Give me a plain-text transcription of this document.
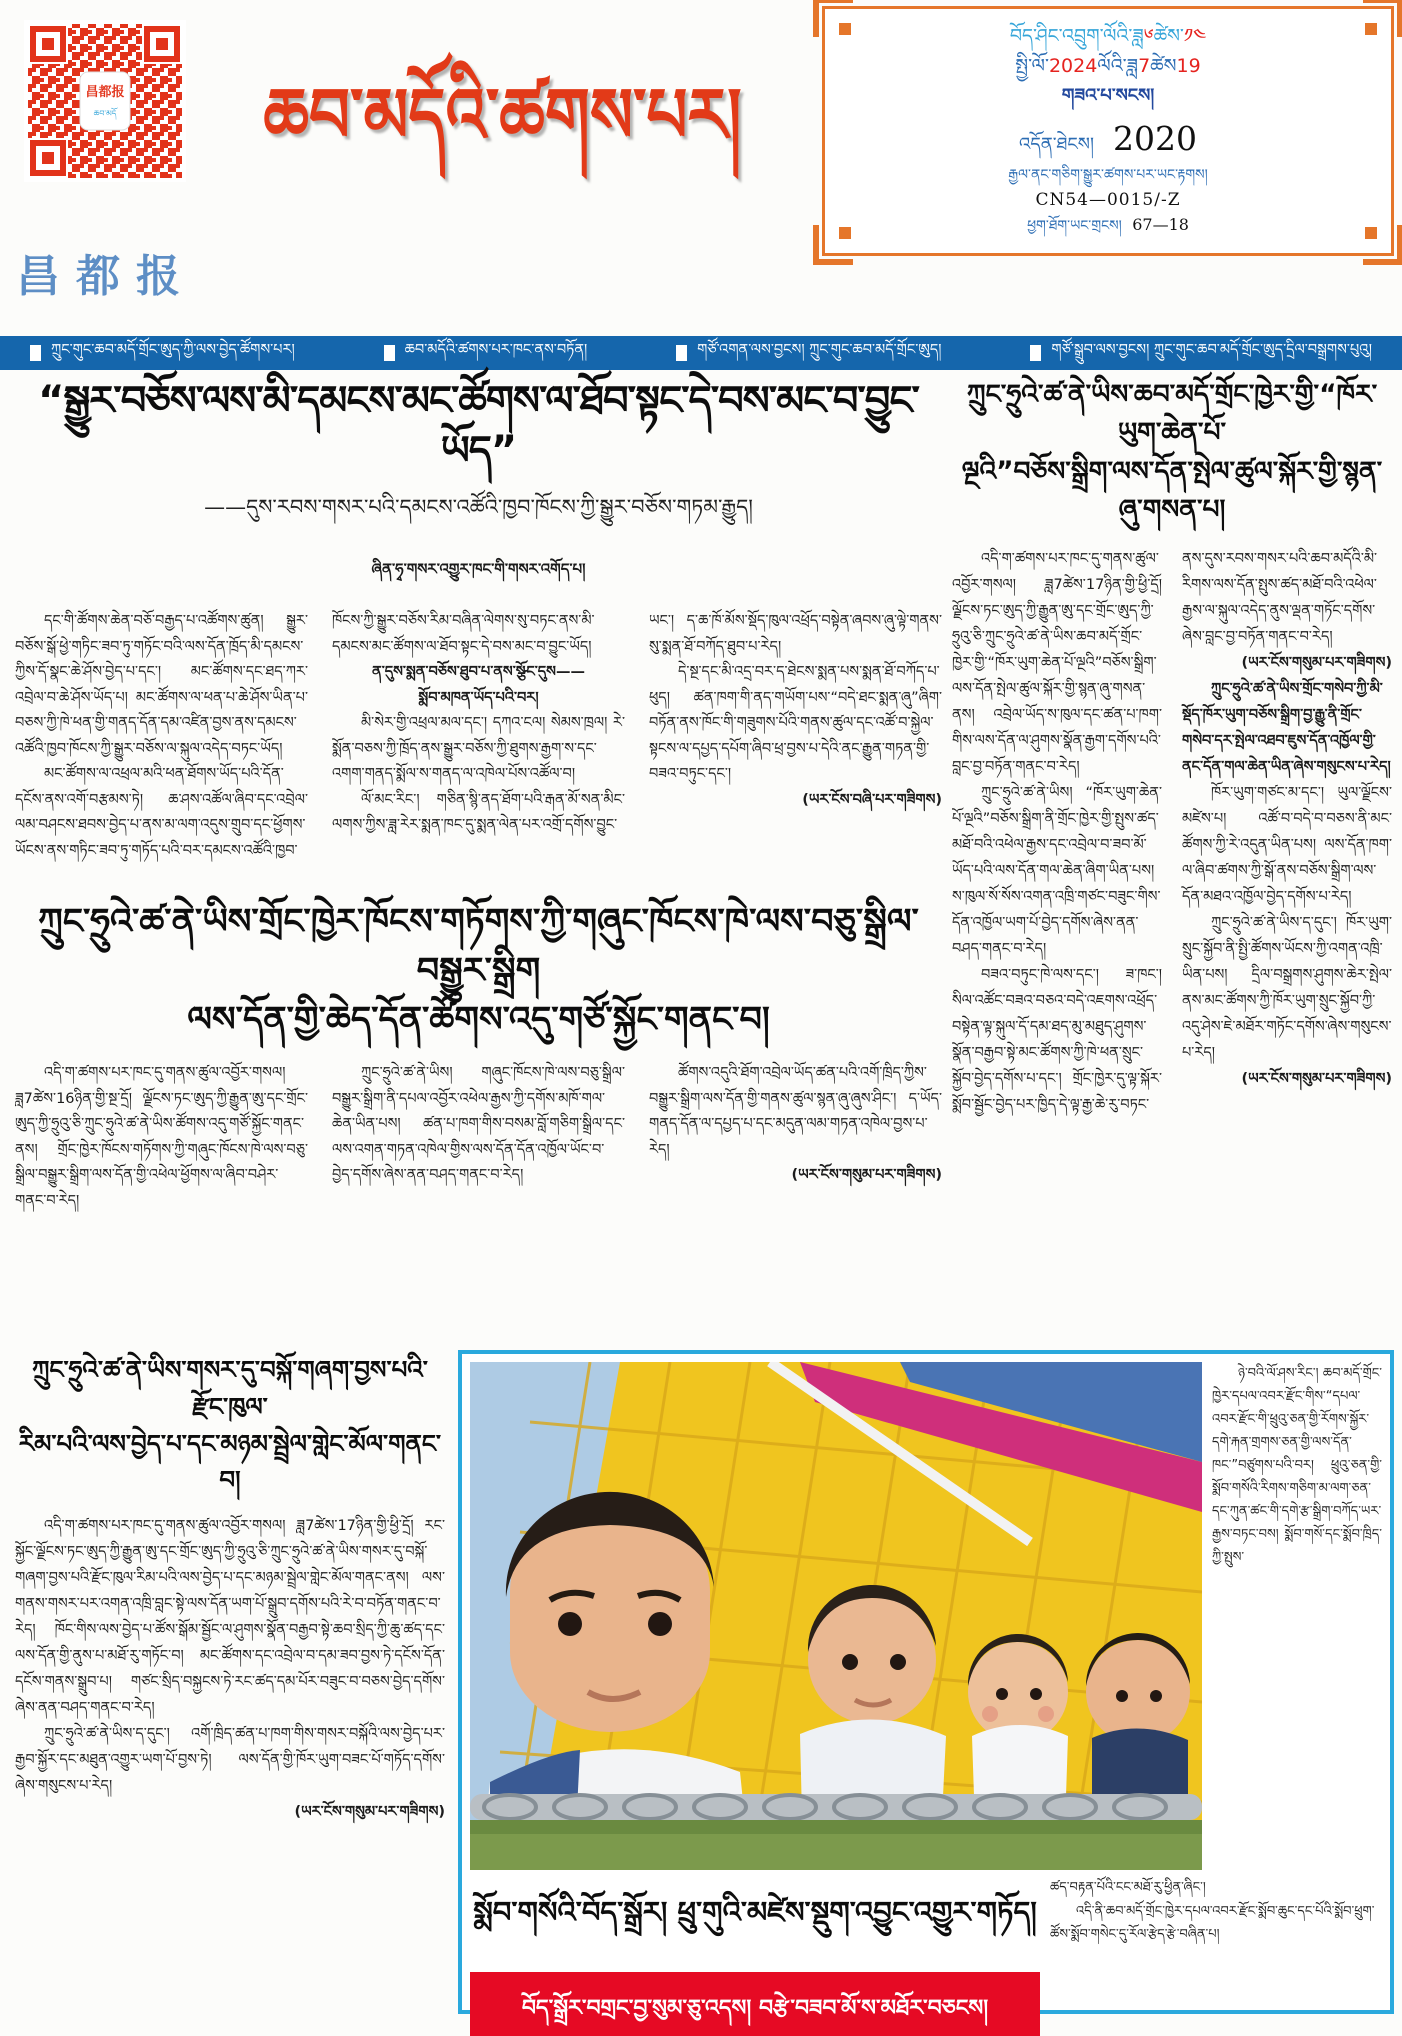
昌都报
ཆབ་མདོ	ཆབ་མདོའི་ཚགས་པར།
昌都报
བོད་ཤིང་འབྲུག་ལོའི་ཟླ༦ཚེས་༡༤
སྤྱི་ལོ་2024ལོའི་ཟླ7ཚེས19
གཟའ་པ་སངས།
འདོན་ཐེངས། 2020
རྒྱལ་ནང་གཅིག་སྒྱུར་ཚགས་པར་ཡང་རྟགས།
CN54—0015/-Z
ཕྱག་ཐོག་ཡང་གྲངས། 67—18
ཀྲུང་གུང་ཆབ་མདོ་གྲོང་ཨུད་ཀྱི་ལས་བྱེད་ཚོགས་པར།	ཆབ་མདོའི་ཚགས་པར་ཁང་ནས་བཏོན།	གཙོ་འགན་ལས་བྱངས། ཀྲུང་གུང་ཆབ་མདོ་གྲོང་ཨུད།	གཙོ་སྒྲུབ་ལས་བྱངས། ཀྲུང་གུང་ཆབ་མདོ་གྲོང་ཨུད་དྲིལ་བསྒྲགས་པུའུ།
“སྒྱུར་བཅོས་ལས་མི་དམངས་མང་ཚོགས་ལ་ཐོབ་སྟང་དེ་བས་མང་བ་བྱུང་ཡོད”
——དུས་རབས་གསར་པའི་དམངས་འཚོའི་ཁྱབ་ཁོངས་ཀྱི་སྒྱུར་བཅོས་གཏམ་རྒྱུད།
ཞིན་ཧྭ་གསར་འགྱུར་ཁང་གི་གསར་འགོད་པ།

དང་གི་ཚོགས་ཆེན་བཅོ་བརྒྱད་པ་འཚོགས་ཚུན། སྒྱུར་བཅོས་སྒོ་ཕྱེ་གཏིང་ཟབ་ཏུ་གཏོང་བའི་ལས་དོན་ཁྲོད་མི་དམངས་ཀྱིས་དོ་སྣང་ཆེ་ཤོས་བྱེད་པ་དང་། མང་ཚོགས་དང་ཐད་ཀར་འབྲེལ་བ་ཆེ་ཤོས་ཡོད་པ། མང་ཚོགས་ལ་ཕན་པ་ཆེ་ཤོས་ཡིན་པ་བཅས་ཀྱི་ཁེ་ཕན་གྱི་གནད་དོན་དམ་འཛིན་བྱས་ནས་དམངས་འཚོའི་ཁྱབ་ཁོངས་ཀྱི་སྒྱུར་བཅོས་ལ་སྐུལ་འདེད་བཏང་ཡོད།

མང་ཚོགས་ལ་འཕྲལ་མའི་ཕན་ཐོགས་ཡོད་པའི་དོན་དངོས་ནས་འགོ་བརྩམས་ཏེ། ཆ་ཤས་འཚོལ་ཞིབ་དང་འབྲེལ་ལམ་བཤངས་ཐབས་བྱེད་པ་ནས་མ་ལག་འདུས་གྲུབ་དང་ཕྱོགས་ཡོངས་ནས་གཏིང་ཟབ་ཏུ་གཏོད་པའི་བར་དམངས་འཚོའི་ཁྱབ་ཁོངས་ཀྱི་སྒྱུར་བཅོས་རིམ་བཞིན་ལེགས་སུ་བཏང་ནས་མི་དམངས་མང་ཚོགས་ལ་ཐོབ་སྟང་དེ་བས་མང་བ་བྱུང་ཡོད།

ན་དུས་སྨན་བཅོས་ཐུབ་པ་ནས་སྩོང་དུས——

སྨོབ་མཁན་ཡོད་པའི་བར།

མི་སེར་གྱི་འཕྲལ་མལ་དང་། དཀའ་ངལ། སེམས་ཁྲལ། རེ་སྨོན་བཅས་ཀྱི་ཁྲོད་ནས་སྒྱུར་བཅོས་ཀྱི་ཐུགས་རྒྱག་ས་དང་འགག་གནད་སྨོལ་ས་གནད་ལ་འཁེལ་པོས་འཚོལ་བ།

ལོ་མང་རིང་། གཅིན་སྙི་ནད་ཐོག་པའི་རྒན་མོ་སན་མིང་ལགས་ཀྱིས་ཟླ་རེར་སྨན་ཁང་དུ་སྨན་ལེན་པར་འགྲོ་དགོས་བྱུང་ཡང་། ད་ཆ་ཁོ་མོས་སྡོད་ཁུལ་འཕྲོད་བསྟེན་ཞབས་ཞུ་ལྟེ་གནས་སུ་སྨན་ཐོ་བཀོད་ཐུབ་པ་རེད།

དེ་སྔ་དང་མི་འདྲ་བར་ད་ཐེངས་སྨན་པས་སྨན་ཐོ་བཀོད་པ་ཕུད། ཚན་ཁག་གི་ནད་གཡོག་པས་“བདེ་ཐང་སྨན་ཞུ”ཞིག་བཏོན་ནས་ཁོང་གི་གཟུགས་པོའི་གནས་ཚུལ་དང་འཚོ་བ་སྐྱེལ་སྟངས་ལ་དཔྱད་དཔོག་ཞིབ་ཕྲ་བྱས་པ་དེའི་ནང་རྒྱུན་གཏན་གྱི་བཟའ་བཏུང་དང་།

(ཡར་ངོས་བཞི་པར་གཟིགས)

ཀྲུང་ཧྲུའེ་ཚ་ནེ་ཡིས་ཆབ་མདོ་གྲོང་ཁྱེར་གྱི་“ཁོར་ཡུག་ཆེན་པོ་
ལྔའི”བཅོས་སྒྲིག་ལས་དོན་སྤེལ་ཚུལ་སྐོར་གྱི་སྙན་ཞུ་གསན་པ།

འདི་ག་ཚགས་པར་ཁང་དུ་གནས་ཚུལ་འབྱོར་གསལ། ཟླ7ཚེས་17ཉིན་གྱི་ཕྱི་དྲོ། ལྗོངས་ཏང་ཨུད་ཀྱི་རྒྱུན་ཨུ་དང་གྲོང་ཨུད་ཀྱི་ཧྲུའུ་ཅི་ཀྲུང་ཧྲུའེ་ཚ་ནེ་ཡིས་ཆབ་མདོ་གྲོང་ཁྱེར་གྱི་“ཁོར་ཡུག་ཆེན་པོ་ལྔའི”བཅོས་སྒྲིག་ལས་དོན་སྤེལ་ཚུལ་སྐོར་གྱི་སྙན་ཞུ་གསན་ནས། འབྲེལ་ཡོད་ས་ཁུལ་དང་ཚན་པ་ཁག་གིས་ལས་དོན་ལ་ཤུགས་སྣོན་རྒྱག་དགོས་པའི་བླང་བྱ་བཏོན་གནང་བ་རེད།

ཀྲུང་ཧྲུའེ་ཚ་ནེ་ཡིས། “ཁོར་ཡུག་ཆེན་པོ་ལྔའི”བཅོས་སྒྲིག་ནི་གྲོང་ཁྱེར་གྱི་སྤུས་ཚད་མཐོ་བའི་འཕེལ་རྒྱས་དང་འབྲེལ་བ་ཟབ་མོ་ཡོད་པའི་ལས་དོན་གལ་ཆེན་ཞིག་ཡིན་པས། ས་ཁུལ་སོ་སོས་འགན་འཁྲི་གཙང་བཟུང་གིས་དོན་འཁྱོལ་ཡག་པོ་བྱེད་དགོས་ཞེས་ནན་བཤད་གནང་བ་རེད།

བཟའ་བཏུང་ཁེ་ལས་དང་། ཟ་ཁང་། སིལ་འཚོང་བཟའ་བཅའ་བདེ་འཇགས་འཕྲོད་བསྟེན་ལྟ་སྐུལ་དོ་དམ་ཐད་མུ་མཐུད་ཤུགས་སྣོན་བརྒྱབ་སྟེ་མང་ཚོགས་ཀྱི་ཁེ་ཕན་སྲུང་སྐྱོབ་བྱེད་དགོས་པ་དང་། གྲོང་ཁྱེར་དུ་ལྟ་སྐོར་སྨོབ་སྦྱོང་བྱེད་པར་ཁྱིད་དེ་ལྟ་རྒྱ་ཆེ་རུ་བཏང་ནས་དུས་རབས་གསར་པའི་ཆབ་མདོའི་མི་རིགས་ལས་དོན་སྤུས་ཚད་མཐོ་བའི་འཕེལ་རྒྱས་ལ་སྐུལ་འདེད་ནུས་ལྡན་གཏོང་དགོས་ཞེས་བླང་བྱ་བཏོན་གནང་བ་རེད།

(ཡར་ངོས་གསུམ་པར་གཟིགས)

ཀྲུང་ཧྲུའེ་ཚ་ནེ་ཡིས་གྲོང་གསེབ་ཀྱི་མི་སྡོད་ཁོར་ཡུག་བཅོས་སྒྲིག་བྱ་རྒྱུ་ནི་གྲོང་གསེབ་དར་སྤེལ་འཐབ་ཇུས་དོན་འཁྱོལ་གྱི་ནང་དོན་གལ་ཆེན་ཡིན་ཞེས་གསུངས་པ་རེད།

ཁོར་ཡུག་གཙང་མ་དང་། ཡུལ་ལྗོངས་མཛེས་པ། འཚོ་བ་བདེ་བ་བཅས་ནི་མང་ཚོགས་ཀྱི་རེ་འདུན་ཡིན་པས། ལས་དོན་ཁག་ལ་ཞིབ་ཚགས་ཀྱི་སྒོ་ནས་བཅོས་སྒྲིག་ལས་དོན་མཐའ་འཁྱོལ་བྱེད་དགོས་པ་རེད།

ཀྲུང་ཧྲུའེ་ཚ་ནེ་ཡིས་ད་དུང་། ཁོར་ཡུག་སྲུང་སྐྱོབ་ནི་སྤྱི་ཚོགས་ཡོངས་ཀྱི་འགན་འཁྲི་ཡིན་པས། དྲིལ་བསྒྲགས་ཤུགས་ཆེར་སྤེལ་ནས་མང་ཚོགས་ཀྱི་ཁོར་ཡུག་སྲུང་སྐྱོབ་ཀྱི་འདུ་ཤེས་ཇེ་མཐོར་གཏོང་དགོས་ཞེས་གསུངས་པ་རེད།

(ཡར་ངོས་གསུམ་པར་གཟིགས)

ཀྲུང་ཧྲུའེ་ཚ་ནེ་ཡིས་གྲོང་ཁྱེར་ཁོངས་གཏོགས་ཀྱི་གཞུང་ཁོངས་ཁེ་ལས་བཅུ་སྒྲིལ་བསྒྱུར་སྒྲིག
ལས་དོན་གྱི་ཆེད་དོན་ཚོགས་འདུ་གཙོ་སྐྱོང་གནང་བ།

འདི་ག་ཚགས་པར་ཁང་དུ་གནས་ཚུལ་འབྱོར་གསལ། ཟླ7ཚེས་16ཉིན་གྱི་སྔ་དྲོ། ལྗོངས་ཏང་ཨུད་ཀྱི་རྒྱུན་ཨུ་དང་གྲོང་ཨུད་ཀྱི་ཧྲུའུ་ཅི་ཀྲུང་ཧྲུའེ་ཚ་ནེ་ཡིས་ཚོགས་འདུ་གཙོ་སྐྱོང་གནང་ནས། གྲོང་ཁྱེར་ཁོངས་གཏོགས་ཀྱི་གཞུང་ཁོངས་ཁེ་ལས་བཅུ་སྒྲིལ་བསྒྱུར་སྒྲིག་ལས་དོན་གྱི་འཕེལ་ཕྱོགས་ལ་ཞིབ་བཤེར་གནང་བ་རེད།

ཀྲུང་ཧྲུའེ་ཚ་ནེ་ཡིས། གཞུང་ཁོངས་ཁེ་ལས་བཅུ་སྒྲིལ་བསྒྱུར་སྒྲིག་ནི་དཔལ་འབྱོར་འཕེལ་རྒྱས་ཀྱི་དགོས་མཁོ་གལ་ཆེན་ཡིན་པས། ཚན་པ་ཁག་གིས་བསམ་བློ་གཅིག་སྒྲིལ་དང་ལས་འགན་གཏན་འཁེལ་གྱིས་ལས་དོན་དོན་འཁྱོལ་ཡོང་བ་བྱེད་དགོས་ཞེས་ནན་བཤད་གནང་བ་རེད།

ཚོགས་འདུའི་ཐོག་འབྲེལ་ཡོད་ཚན་པའི་འགོ་ཁྲིད་ཀྱིས་བསྒྱུར་སྒྲིག་ལས་དོན་གྱི་གནས་ཚུལ་སྙན་ཞུ་ཞུས་ཤིང་། ད་ཡོད་གནད་དོན་ལ་དཔྱད་པ་དང་མདུན་ལམ་གཏན་འཁེལ་བྱས་པ་རེད།

(ཡར་ངོས་གསུམ་པར་གཟིགས)

ཀྲུང་ཧྲུའེ་ཚ་ནེ་ཡིས་གསར་དུ་བསྐོ་གཞག་བྱས་པའི་རྫོང་ཁུལ་
རིམ་པའི་ལས་བྱེད་པ་དང་མཉམ་སྦྲེལ་གླེང་མོལ་གནང་བ།

འདི་ག་ཚགས་པར་ཁང་དུ་གནས་ཚུལ་འབྱོར་གསལ། ཟླ7ཚེས་17ཉིན་གྱི་ཕྱི་དྲོ། རང་སྐྱོང་ལྗོངས་ཏང་ཨུད་ཀྱི་རྒྱུན་ཨུ་དང་གྲོང་ཨུད་ཀྱི་ཧྲུའུ་ཅི་ཀྲུང་ཧྲུའེ་ཚ་ནེ་ཡིས་གསར་དུ་བསྐོ་གཞག་བྱས་པའི་རྫོང་ཁུལ་རིམ་པའི་ལས་བྱེད་པ་དང་མཉམ་སྦྲེལ་གླེང་མོལ་གནང་ནས། ལས་གནས་གསར་པར་འགན་འཁྲི་བླང་སྟེ་ལས་དོན་ཡག་པོ་སྒྲུབ་དགོས་པའི་རེ་བ་བཏོན་གནང་བ་རེད། ཁོང་གིས་ལས་བྱེད་པ་ཚོས་སྒོམ་སྦྱོང་ལ་ཤུགས་སྣོན་བརྒྱབ་སྟེ་ཆབ་སྲིད་ཀྱི་ཆུ་ཚད་དང་ལས་དོན་གྱི་ནུས་པ་མཐོ་རུ་གཏོང་བ། མང་ཚོགས་དང་འབྲེལ་བ་དམ་ཟབ་བྱས་ཏེ་དངོས་དོན་དངོས་གནས་སྒྲུབ་པ། གཙང་སྲིད་བསྐྱངས་ཏེ་རང་ཚད་དམ་པོར་བཟུང་བ་བཅས་བྱེད་དགོས་ཞེས་ནན་བཤད་གནང་བ་རེད།

ཀྲུང་ཧྲུའེ་ཚ་ནེ་ཡིས་ད་དུང་། འགོ་ཁྲིད་ཚན་པ་ཁག་གིས་གསར་བསྐོའི་ལས་བྱེད་པར་རྒྱབ་སྐྱོར་དང་མཐུན་འགྱུར་ཡག་པོ་བྱས་ཏེ། ལས་དོན་གྱི་ཁོར་ཡུག་བཟང་པོ་གཏོད་དགོས་ཞེས་གསུངས་པ་རེད།

(ཡར་ངོས་གསུམ་པར་གཟིགས)

ཉེ་བའི་ལོ་ཤས་རིང་། ཆབ་མདོ་གྲོང་ཁྱེར་དཔལ་འབར་རྫོང་གིས་“དཔལ་འབར་རྫོང་གི་ཕྲུའུ་ཅན་གྱི་རོགས་སྐྱོར་དགེ་རྐན་གྲགས་ཅན་གྱི་ལས་དོན་ཁང་”བཙུགས་པའི་བར། ཕྲུའུ་ཅན་གྱི་སྨོབ་གསོའི་རིགས་གཅིག་མ་ལག་ཅན་དང་ཀུན་ཚང་གི་དགེ་རྩ་སྒྲིག་བཀོད་ཡར་རྒྱས་བཏང་བས། སྨོབ་གསོ་དང་སྨོབ་ཁྲིད་ཀྱི་སྤུས་

སྨོབ་གསོའི་བོད་སྒྲོར། ཕྲུ་གུའི་མཛེས་སྡུག་འབྱུང་འགྱུར་གཏོད།
བོད་སྒྲོར་བགྲང་བྱ་སུམ་ཅུ་འདས། བརྩེ་བཟབ་མོ་ས་མཐོར་བཅངས།

ཚད་བརྟན་པོའི་ངང་མཐོ་རུ་ཕྱིན་ཞིང་།

འདི་ནི་ཆབ་མདོ་གྲོང་ཁྱེར་དཔལ་འབར་རྫོང་སྨོབ་ཆུང་དང་པོའི་སྨོབ་ཕྲུག་ཚོས་སྨོབ་གསེང་དུ་རོལ་རྩེད་རྩེ་བཞིན་པ།
